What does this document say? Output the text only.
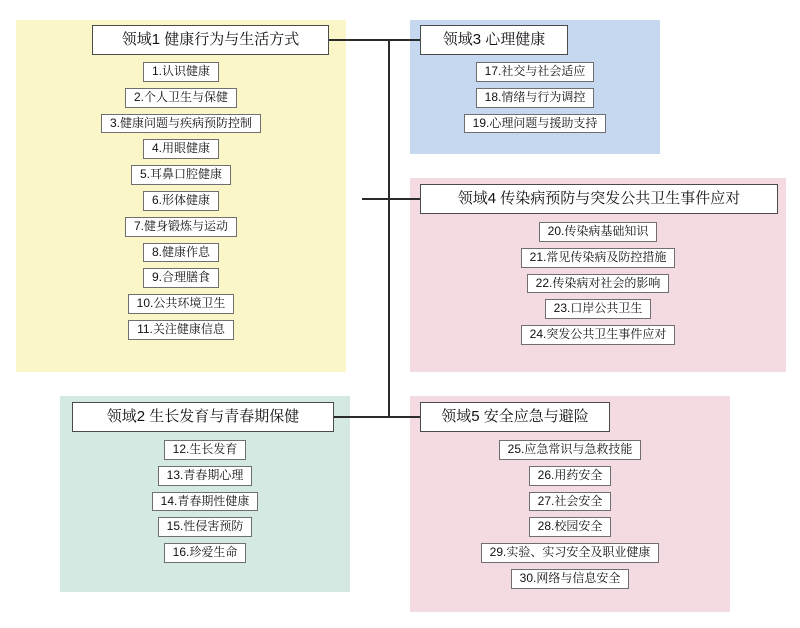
领域1 健康行为与生活方式
1.认识健康
2.个人卫生与保健
3.健康问题与疾病预防控制
4.用眼健康
5.耳鼻口腔健康
6.形体健康
7.健身锻炼与运动
8.健康作息
9.合理膳食
10.公共环境卫生
11.关注健康信息
领域2 生长发育与青春期保健
12.生长发育
13.青春期心理
14.青春期性健康
15.性侵害预防
16.珍爱生命
领域3 心理健康
17.社交与社会适应
18.情绪与行为调控
19.心理问题与援助支持
领域4 传染病预防与突发公共卫生事件应对
20.传染病基础知识
21.常见传染病及防控措施
22.传染病对社会的影响
23.口岸公共卫生
24.突发公共卫生事件应对
领域5 安全应急与避险
25.应急常识与急救技能
26.用药安全
27.社会安全
28.校园安全
29.实验、实习安全及职业健康
30.网络与信息安全
